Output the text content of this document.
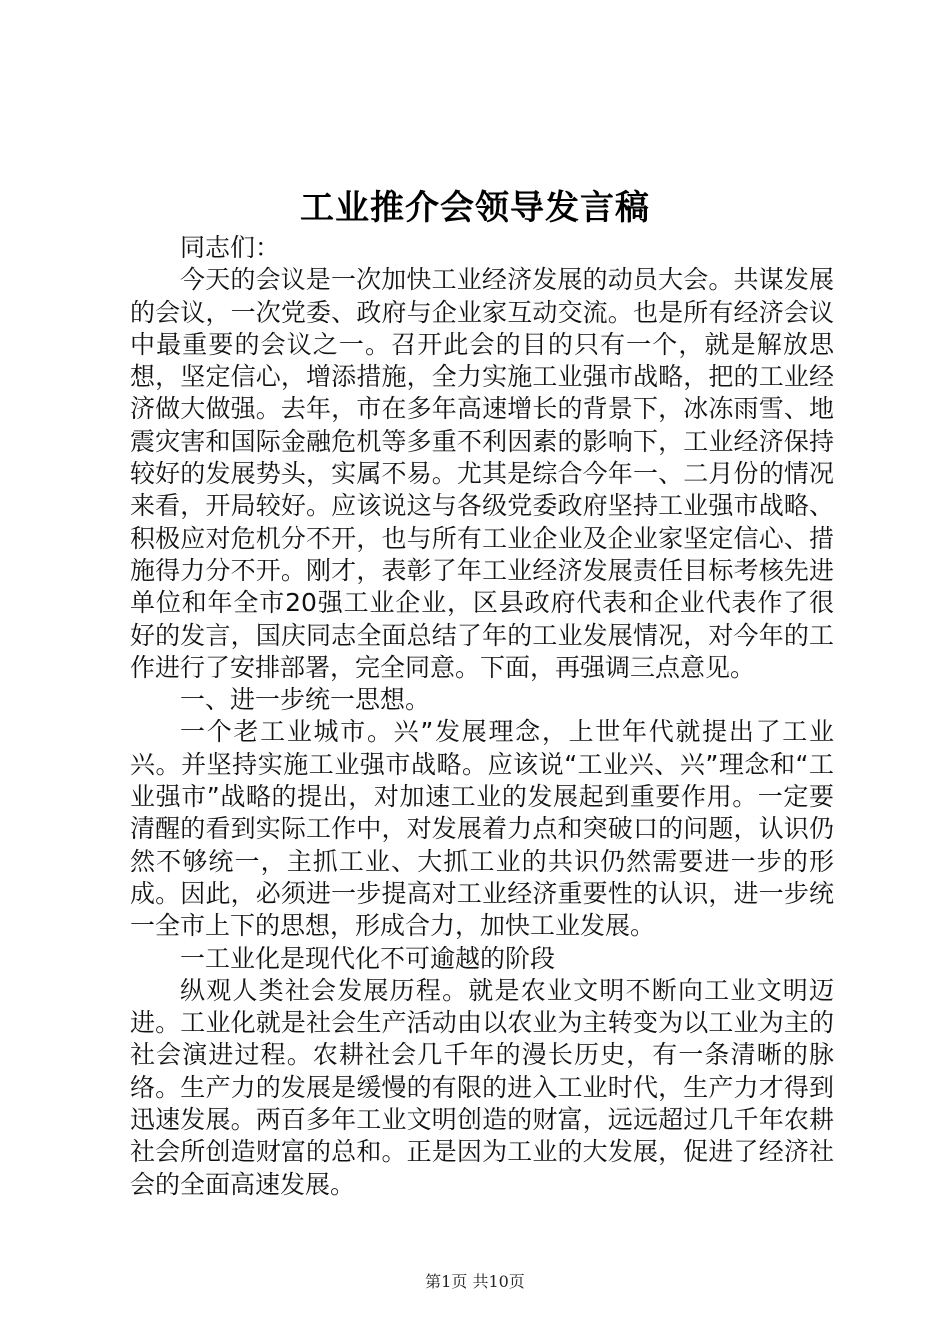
工业推介会领导发言稿

同志们：

今天的会议是一次加快工业经济发展的动员大会。共谋发展的会议，一次党委、政府与企业家互动交流。也是所有经济会议中最重要的会议之一。召开此会的目的只有一个，就是解放思想，坚定信心，增添措施，全力实施工业强市战略，把的工业经济做大做强。去年，市在多年高速增长的背景下，冰冻雨雪、地震灾害和国际金融危机等多重不利因素的影响下，工业经济保持较好的发展势头，实属不易。尤其是综合今年一、二月份的情况来看，开局较好。应该说这与各级党委政府坚持工业强市战略、积极应对危机分不开，也与所有工业企业及企业家坚定信心、措施得力分不开。刚才，表彰了年工业经济发展责任目标考核先进单位和年全市20强工业企业，区县政府代表和企业代表作了很好的发言，国庆同志全面总结了年的工业发展情况，对今年的工作进行了安排部署，完全同意。下面，再强调三点意见。

一、进一步统一思想。

一个老工业城市。兴”发展理念，上世年代就提出了工业兴。并坚持实施工业强市战略。应该说“工业兴、兴”理念和“工业强市”战略的提出，对加速工业的发展起到重要作用。一定要清醒的看到实际工作中，对发展着力点和突破口的问题，认识仍然不够统一，主抓工业、大抓工业的共识仍然需要进一步的形成。因此，必须进一步提高对工业经济重要性的认识，进一步统一全市上下的思想，形成合力，加快工业发展。

一工业化是现代化不可逾越的阶段

纵观人类社会发展历程。就是农业文明不断向工业文明迈进。工业化就是社会生产活动由以农业为主转变为以工业为主的社会演进过程。农耕社会几千年的漫长历史，有一条清晰的脉络。生产力的发展是缓慢的有限的进入工业时代，生产力才得到迅速发展。两百多年工业文明创造的财富，远远超过几千年农耕社会所创造财富的总和。正是因为工业的大发展，促进了经济社会的全面高速发展。

第1页 共10页
